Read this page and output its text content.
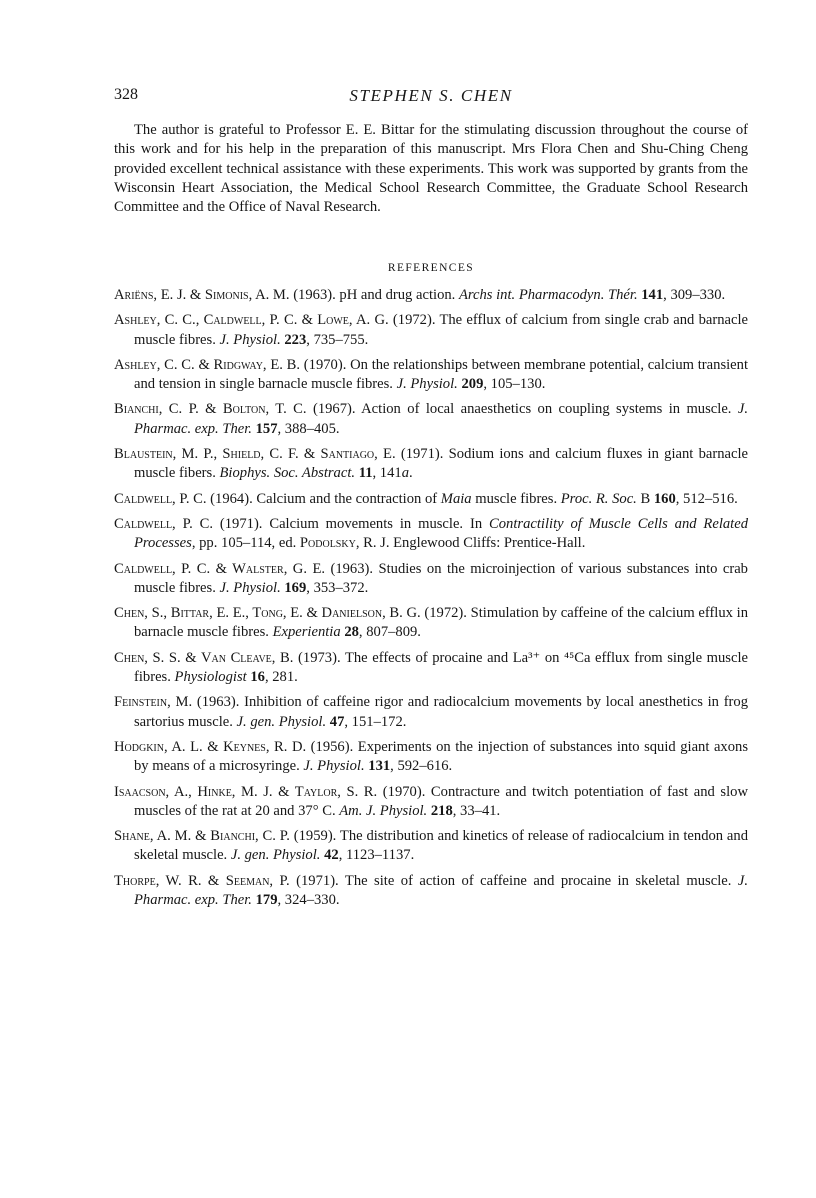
328	STEPHEN S. CHEN

The author is grateful to Professor E. E. Bittar for the stimulating discussion throughout the course of this work and for his help in the preparation of this manuscript. Mrs Flora Chen and Shu-Ching Cheng provided excellent technical assistance with these experiments. This work was supported by grants from the Wisconsin Heart Association, the Medical School Research Committee, the Graduate School Research Committee and the Office of Naval Research.

REFERENCES
Ariëns, E. J. & Simonis, A. M. (1963). pH and drug action. Archs int. Pharmacodyn. Thér. 141, 309–330.
Ashley, C. C., Caldwell, P. C. & Lowe, A. G. (1972). The efflux of calcium from single crab and barnacle muscle fibres. J. Physiol. 223, 735–755.
Ashley, C. C. & Ridgway, E. B. (1970). On the relationships between membrane potential, calcium transient and tension in single barnacle muscle fibres. J. Physiol. 209, 105–130.
Bianchi, C. P. & Bolton, T. C. (1967). Action of local anaesthetics on coupling systems in muscle. J. Pharmac. exp. Ther. 157, 388–405.
Blaustein, M. P., Shield, C. F. & Santiago, E. (1971). Sodium ions and calcium fluxes in giant barnacle muscle fibers. Biophys. Soc. Abstract. 11, 141a.
Caldwell, P. C. (1964). Calcium and the contraction of Maia muscle fibres. Proc. R. Soc. B 160, 512–516.
Caldwell, P. C. (1971). Calcium movements in muscle. In Contractility of Muscle Cells and Related Processes, pp. 105–114, ed. Podolsky, R. J. Englewood Cliffs: Prentice-Hall.
Caldwell, P. C. & Walster, G. E. (1963). Studies on the microinjection of various substances into crab muscle fibres. J. Physiol. 169, 353–372.
Chen, S., Bittar, E. E., Tong, E. & Danielson, B. G. (1972). Stimulation by caffeine of the calcium efflux in barnacle muscle fibres. Experientia 28, 807–809.
Chen, S. S. & Van Cleave, B. (1973). The effects of procaine and La³⁺ on ⁴⁵Ca efflux from single muscle fibres. Physiologist 16, 281.
Feinstein, M. (1963). Inhibition of caffeine rigor and radiocalcium movements by local anesthetics in frog sartorius muscle. J. gen. Physiol. 47, 151–172.
Hodgkin, A. L. & Keynes, R. D. (1956). Experiments on the injection of substances into squid giant axons by means of a microsyringe. J. Physiol. 131, 592–616.
Isaacson, A., Hinke, M. J. & Taylor, S. R. (1970). Contracture and twitch potentiation of fast and slow muscles of the rat at 20 and 37° C. Am. J. Physiol. 218, 33–41.
Shane, A. M. & Bianchi, C. P. (1959). The distribution and kinetics of release of radiocalcium in tendon and skeletal muscle. J. gen. Physiol. 42, 1123–1137.
Thorpe, W. R. & Seeman, P. (1971). The site of action of caffeine and procaine in skeletal muscle. J. Pharmac. exp. Ther. 179, 324–330.
